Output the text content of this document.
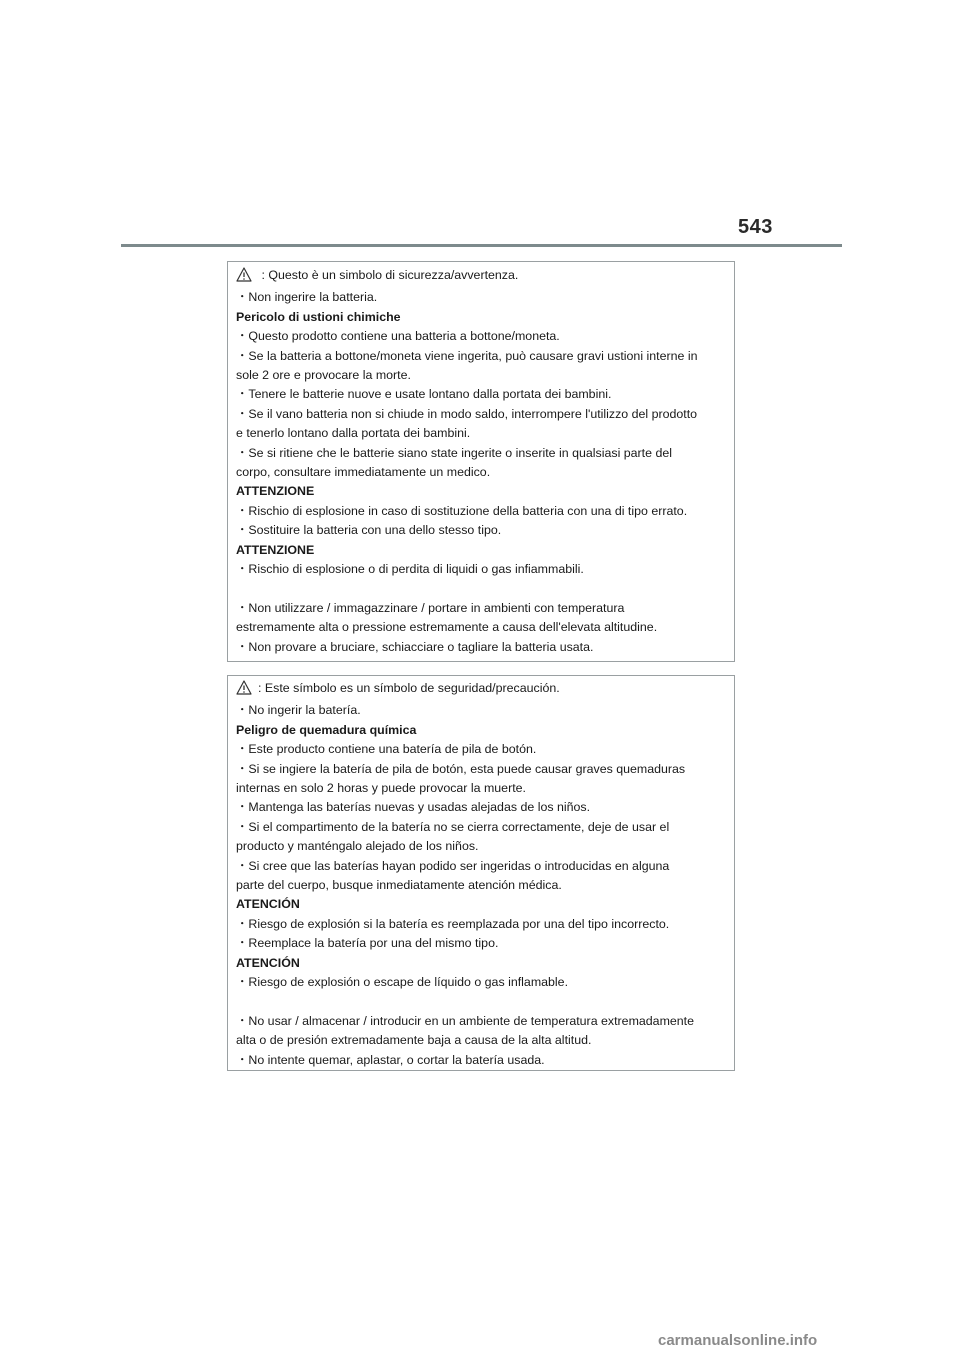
543
: Questo è un simbolo di sicurezza/avvertenza.
・Non ingerire la batteria.
Pericolo di ustioni chimiche
・Questo prodotto contiene una batteria a bottone/moneta.
・Se la batteria a bottone/moneta viene ingerita, può causare gravi ustioni interne in
sole 2 ore e provocare la morte.
・Tenere le batterie nuove e usate lontano dalla portata dei bambini.
・Se il vano batteria non si chiude in modo saldo, interrompere l'utilizzo del prodotto
e tenerlo lontano dalla portata dei bambini.
・Se si ritiene che le batterie siano state ingerite o inserite in qualsiasi parte del
corpo, consultare immediatamente un medico.
ATTENZIONE
・Rischio di esplosione in caso di sostituzione della batteria con una di tipo errato.
・Sostituire la batteria con una dello stesso tipo.
ATTENZIONE
・Rischio di esplosione o di perdita di liquidi o gas infiammabili.
・Non utilizzare / immagazzinare / portare in ambienti con temperatura
estremamente alta o pressione estremamente a causa dell'elevata altitudine.
・Non provare a bruciare, schiacciare o tagliare la batteria usata.
: Este símbolo es un símbolo de seguridad/precaución.
・No ingerir la batería.
Peligro de quemadura química
・Este producto contiene una batería de pila de botón.
・Si se ingiere la batería de pila de botón, esta puede causar graves quemaduras
internas en solo 2 horas y puede provocar la muerte.
・Mantenga las baterías nuevas y usadas alejadas de los niños.
・Si el compartimento de la batería no se cierra correctamente, deje de usar el
producto y manténgalo alejado de los niños.
・Si cree que las baterías hayan podido ser ingeridas o introducidas en alguna
parte del cuerpo, busque inmediatamente atención médica.
ATENCIÓN
・Riesgo de explosión si la batería es reemplazada por una del tipo incorrecto.
・Reemplace la batería por una del mismo tipo.
ATENCIÓN
・Riesgo de explosión o escape de líquido o gas inflamable.
・No usar / almacenar / introducir en un ambiente de temperatura extremadamente
alta o de presión extremadamente baja a causa de la alta altitud.
・No intente quemar, aplastar, o cortar la batería usada.
carmanualsonline.info
